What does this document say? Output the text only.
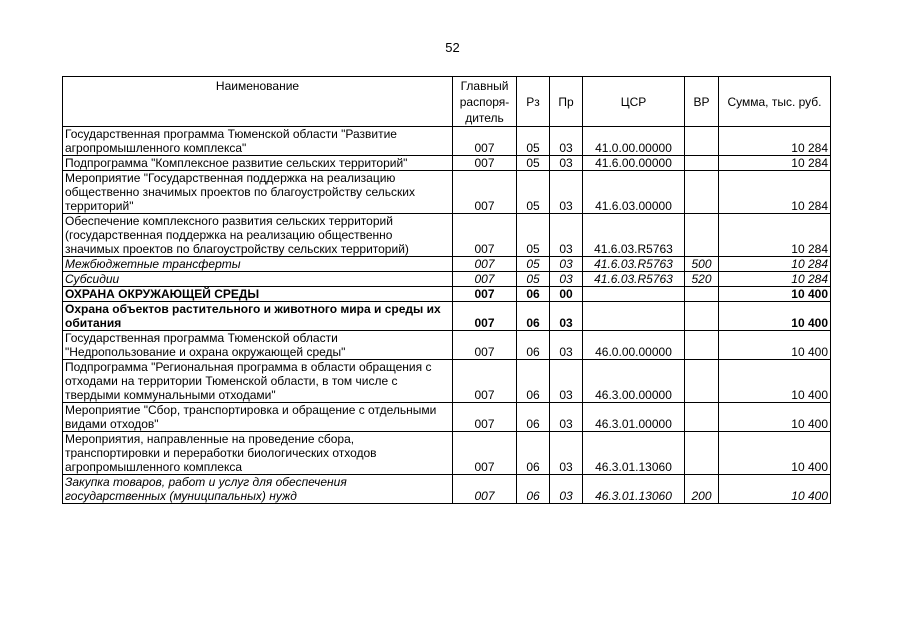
52
Наименование	Главный распоря-дитель	Рз	Пр	ЦСР	ВР	Сумма, тыс. руб.
Государственная программа Тюменской области "Развитие агропромышленного комплекса"	007	05	03	41.0.00.00000		10 284
Подпрограмма "Комплексное развитие сельских территорий"	007	05	03	41.6.00.00000		10 284
Мероприятие "Государственная поддержка на реализацию общественно значимых проектов по благоустройству сельских территорий"	007	05	03	41.6.03.00000		10 284
Обеспечение комплексного развития сельских территорий (государственная поддержка на реализацию общественно значимых проектов по благоустройству сельских территорий)	007	05	03	41.6.03.R5763		10 284
Межбюджетные трансферты	007	05	03	41.6.03.R5763	500	10 284
Субсидии	007	05	03	41.6.03.R5763	520	10 284
ОХРАНА ОКРУЖАЮЩЕЙ СРЕДЫ	007	06	00			10 400
Охрана объектов растительного и животного мира и среды их обитания	007	06	03			10 400
Государственная программа Тюменской области "Недропользование и охрана окружающей среды"	007	06	03	46.0.00.00000		10 400
Подпрограмма "Региональная программа в области обращения с отходами на территории Тюменской области, в том числе с твердыми коммунальными отходами"	007	06	03	46.3.00.00000		10 400
Мероприятие "Сбор, транспортировка и обращение с отдельными видами отходов"	007	06	03	46.3.01.00000		10 400
Мероприятия, направленные на проведение сбора, транспортировки и переработки биологических отходов агропромышленного комплекса	007	06	03	46.3.01.13060		10 400
Закупка товаров, работ и услуг для обеспечения государственных (муниципальных) нужд	007	06	03	46.3.01.13060	200	10 400
